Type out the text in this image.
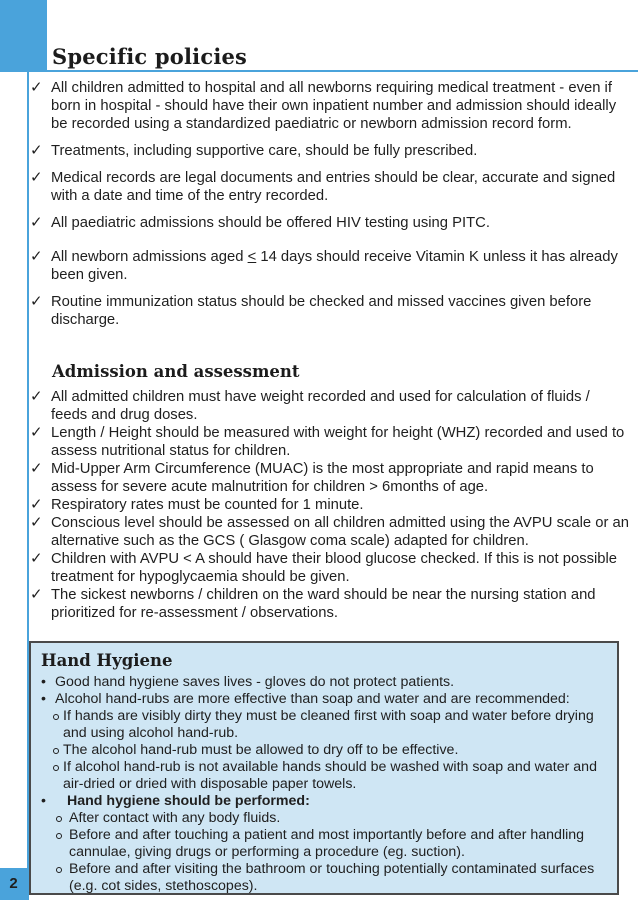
Specific policies
✓ All children admitted to hospital and all newborns requiring medical treatment - even if born in hospital - should have their own inpatient number and admission should ideally be recorded using a standardized paediatric or newborn admission record form.
✓ Treatments, including supportive care, should be fully prescribed.
✓ Medical records are legal documents and entries should be clear, accurate and signed with a date and time of the entry recorded.
✓ All paediatric admissions should be offered HIV testing using PITC.
✓ All newborn admissions aged < 14 days should receive Vitamin K unless it has already been given.
✓ Routine immunization status should be checked and missed vaccines given before discharge.
Admission and assessment
✓ All admitted children must have weight recorded and used for calculation of fluids / feeds and drug doses.
✓ Length / Height should be measured with weight for height (WHZ) recorded and used to assess nutritional status for children.
✓ Mid-Upper Arm Circumference (MUAC) is the most appropriate and rapid means to assess for severe acute malnutrition for children > 6months of age.
✓ Respiratory rates must be counted for 1 minute.
✓ Conscious level should be assessed on all children admitted using the AVPU scale or an alternative such as the GCS ( Glasgow coma scale) adapted for children.
✓ Children with AVPU < A should have their blood glucose checked. If this is not possible treatment for hypoglycaemia should be given.
✓ The sickest newborns / children on the ward should be near the nursing station and prioritized for re-assessment / observations.
Hand Hygiene
• Good hand hygiene saves lives - gloves do not protect patients.
• Alcohol hand-rubs are more effective than soap and water and are recommended:
If hands are visibly dirty they must be cleaned first with soap and water before drying and using alcohol hand-rub.
The alcohol hand-rub must be allowed to dry off to be effective.
If alcohol hand-rub is not available hands should be washed with soap and water and air-dried or dried with disposable paper towels.
• Hand hygiene should be performed:
After contact with any body fluids.
Before and after touching a patient and most importantly before and after handling cannulae, giving drugs or performing a procedure (eg. suction).
Before and after visiting the bathroom or touching potentially contaminated surfaces (e.g. cot sides, stethoscopes).
2
